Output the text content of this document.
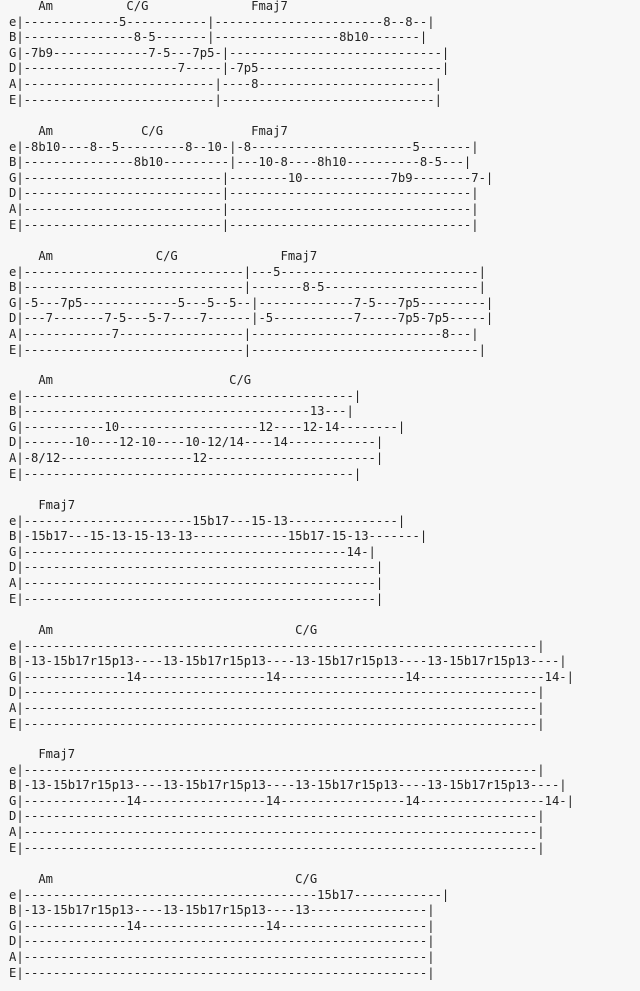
Am          C/G              Fmaj7
e|-------------5-----------|-----------------------8--8--|
B|---------------8-5-------|-----------------8b10-------|
G|-7b9-------------7-5---7p5-|-----------------------------|
D|---------------------7-----|-7p5-------------------------|
A|--------------------------|----8------------------------|
E|--------------------------|-----------------------------|
Am            C/G            Fmaj7
e|-8b10----8--5---------8--10-|-8----------------------5-------|
B|---------------8b10---------|---10-8----8h10----------8-5---|
G|---------------------------|--------10------------7b9--------7-|
D|---------------------------|---------------------------------|
A|---------------------------|---------------------------------|
E|---------------------------|---------------------------------|
Am              C/G              Fmaj7
e|------------------------------|---5---------------------------|
B|------------------------------|-------8-5---------------------|
G|-5---7p5-------------5---5--5--|-------------7-5---7p5---------|
D|---7-------7-5---5-7----7------|-5-----------7-----7p5-7p5-----|
A|------------7-----------------|--------------------------8---|
E|------------------------------|-------------------------------|
Am                        C/G
e|---------------------------------------------|
B|---------------------------------------13---|
G|-----------10-------------------12----12-14--------|
D|-------10----12-10----10-12/14----14------------|
A|-8/12------------------12-----------------------|
E|---------------------------------------------|
Fmaj7
e|-----------------------15b17---15-13---------------|
B|-15b17---15-13-15-13-13-------------15b17-15-13-------|
G|--------------------------------------------14-|
D|------------------------------------------------|
A|------------------------------------------------|
E|------------------------------------------------|
Am                                 C/G
e|----------------------------------------------------------------------|
B|-13-15b17r15p13----13-15b17r15p13----13-15b17r15p13----13-15b17r15p13----|
G|--------------14-----------------14-----------------14-----------------14-|
D|----------------------------------------------------------------------|
A|----------------------------------------------------------------------|
E|----------------------------------------------------------------------|
Fmaj7
e|----------------------------------------------------------------------|
B|-13-15b17r15p13----13-15b17r15p13----13-15b17r15p13----13-15b17r15p13----|
G|--------------14-----------------14-----------------14-----------------14-|
D|----------------------------------------------------------------------|
A|----------------------------------------------------------------------|
E|----------------------------------------------------------------------|
Am                                 C/G
e|----------------------------------------15b17------------|
B|-13-15b17r15p13----13-15b17r15p13----13----------------|
G|--------------14-----------------14--------------------|
D|-------------------------------------------------------|
A|-------------------------------------------------------|
E|-------------------------------------------------------|
